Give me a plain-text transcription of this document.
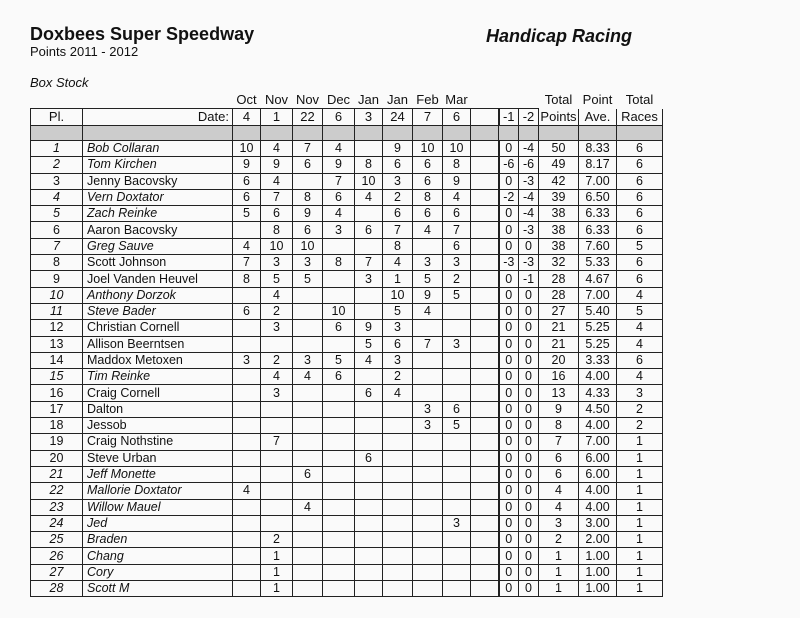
Doxbees Super Speedway
Points 2011 - 2012
Handicap Racing
Box Stock
		Oct	Nov	Nov	Dec	Jan	Jan	Feb	Mar				Total	Point	Total
Pl.	Date:	4	1	22	6	3	24	7	6		-1	-2	Points	Ave.	Races

1	Bob Collaran	10	4	7	4		9	10	10		0	-4	50	8.33	6
2	Tom Kirchen	9	9	6	9	8	6	6	8		-6	-6	49	8.17	6
3	Jenny Bacovsky	6	4		7	10	3	6	9		0	-3	42	7.00	6
4	Vern Doxtator	6	7	8	6	4	2	8	4		-2	-4	39	6.50	6
5	Zach Reinke	5	6	9	4		6	6	6		0	-4	38	6.33	6
6	Aaron Bacovsky		8	6	3	6	7	4	7		0	-3	38	6.33	6
7	Greg Sauve	4	10	10			8		6		0	0	38	7.60	5
8	Scott Johnson	7	3	3	8	7	4	3	3		-3	-3	32	5.33	6
9	Joel Vanden Heuvel	8	5	5		3	1	5	2		0	-1	28	4.67	6
10	Anthony Dorzok		4				10	9	5		0	0	28	7.00	4
11	Steve Bader	6	2		10		5	4			0	0	27	5.40	5
12	Christian Cornell		3		6	9	3				0	0	21	5.25	4
13	Allison Beerntsen					5	6	7	3		0	0	21	5.25	4
14	Maddox Metoxen	3	2	3	5	4	3				0	0	20	3.33	6
15	Tim Reinke		4	4	6		2				0	0	16	4.00	4
16	Craig Cornell		3			6	4				0	0	13	4.33	3
17	Dalton							3	6		0	0	9	4.50	2
18	Jessob							3	5		0	0	8	4.00	2
19	Craig Nothstine		7								0	0	7	7.00	1
20	Steve Urban					6					0	0	6	6.00	1
21	Jeff Monette			6							0	0	6	6.00	1
22	Mallorie Doxtator	4									0	0	4	4.00	1
23	Willow Mauel			4							0	0	4	4.00	1
24	Jed								3		0	0	3	3.00	1
25	Braden		2								0	0	2	2.00	1
26	Chang		1								0	0	1	1.00	1
27	Cory		1								0	0	1	1.00	1
28	Scott M		1								0	0	1	1.00	1
